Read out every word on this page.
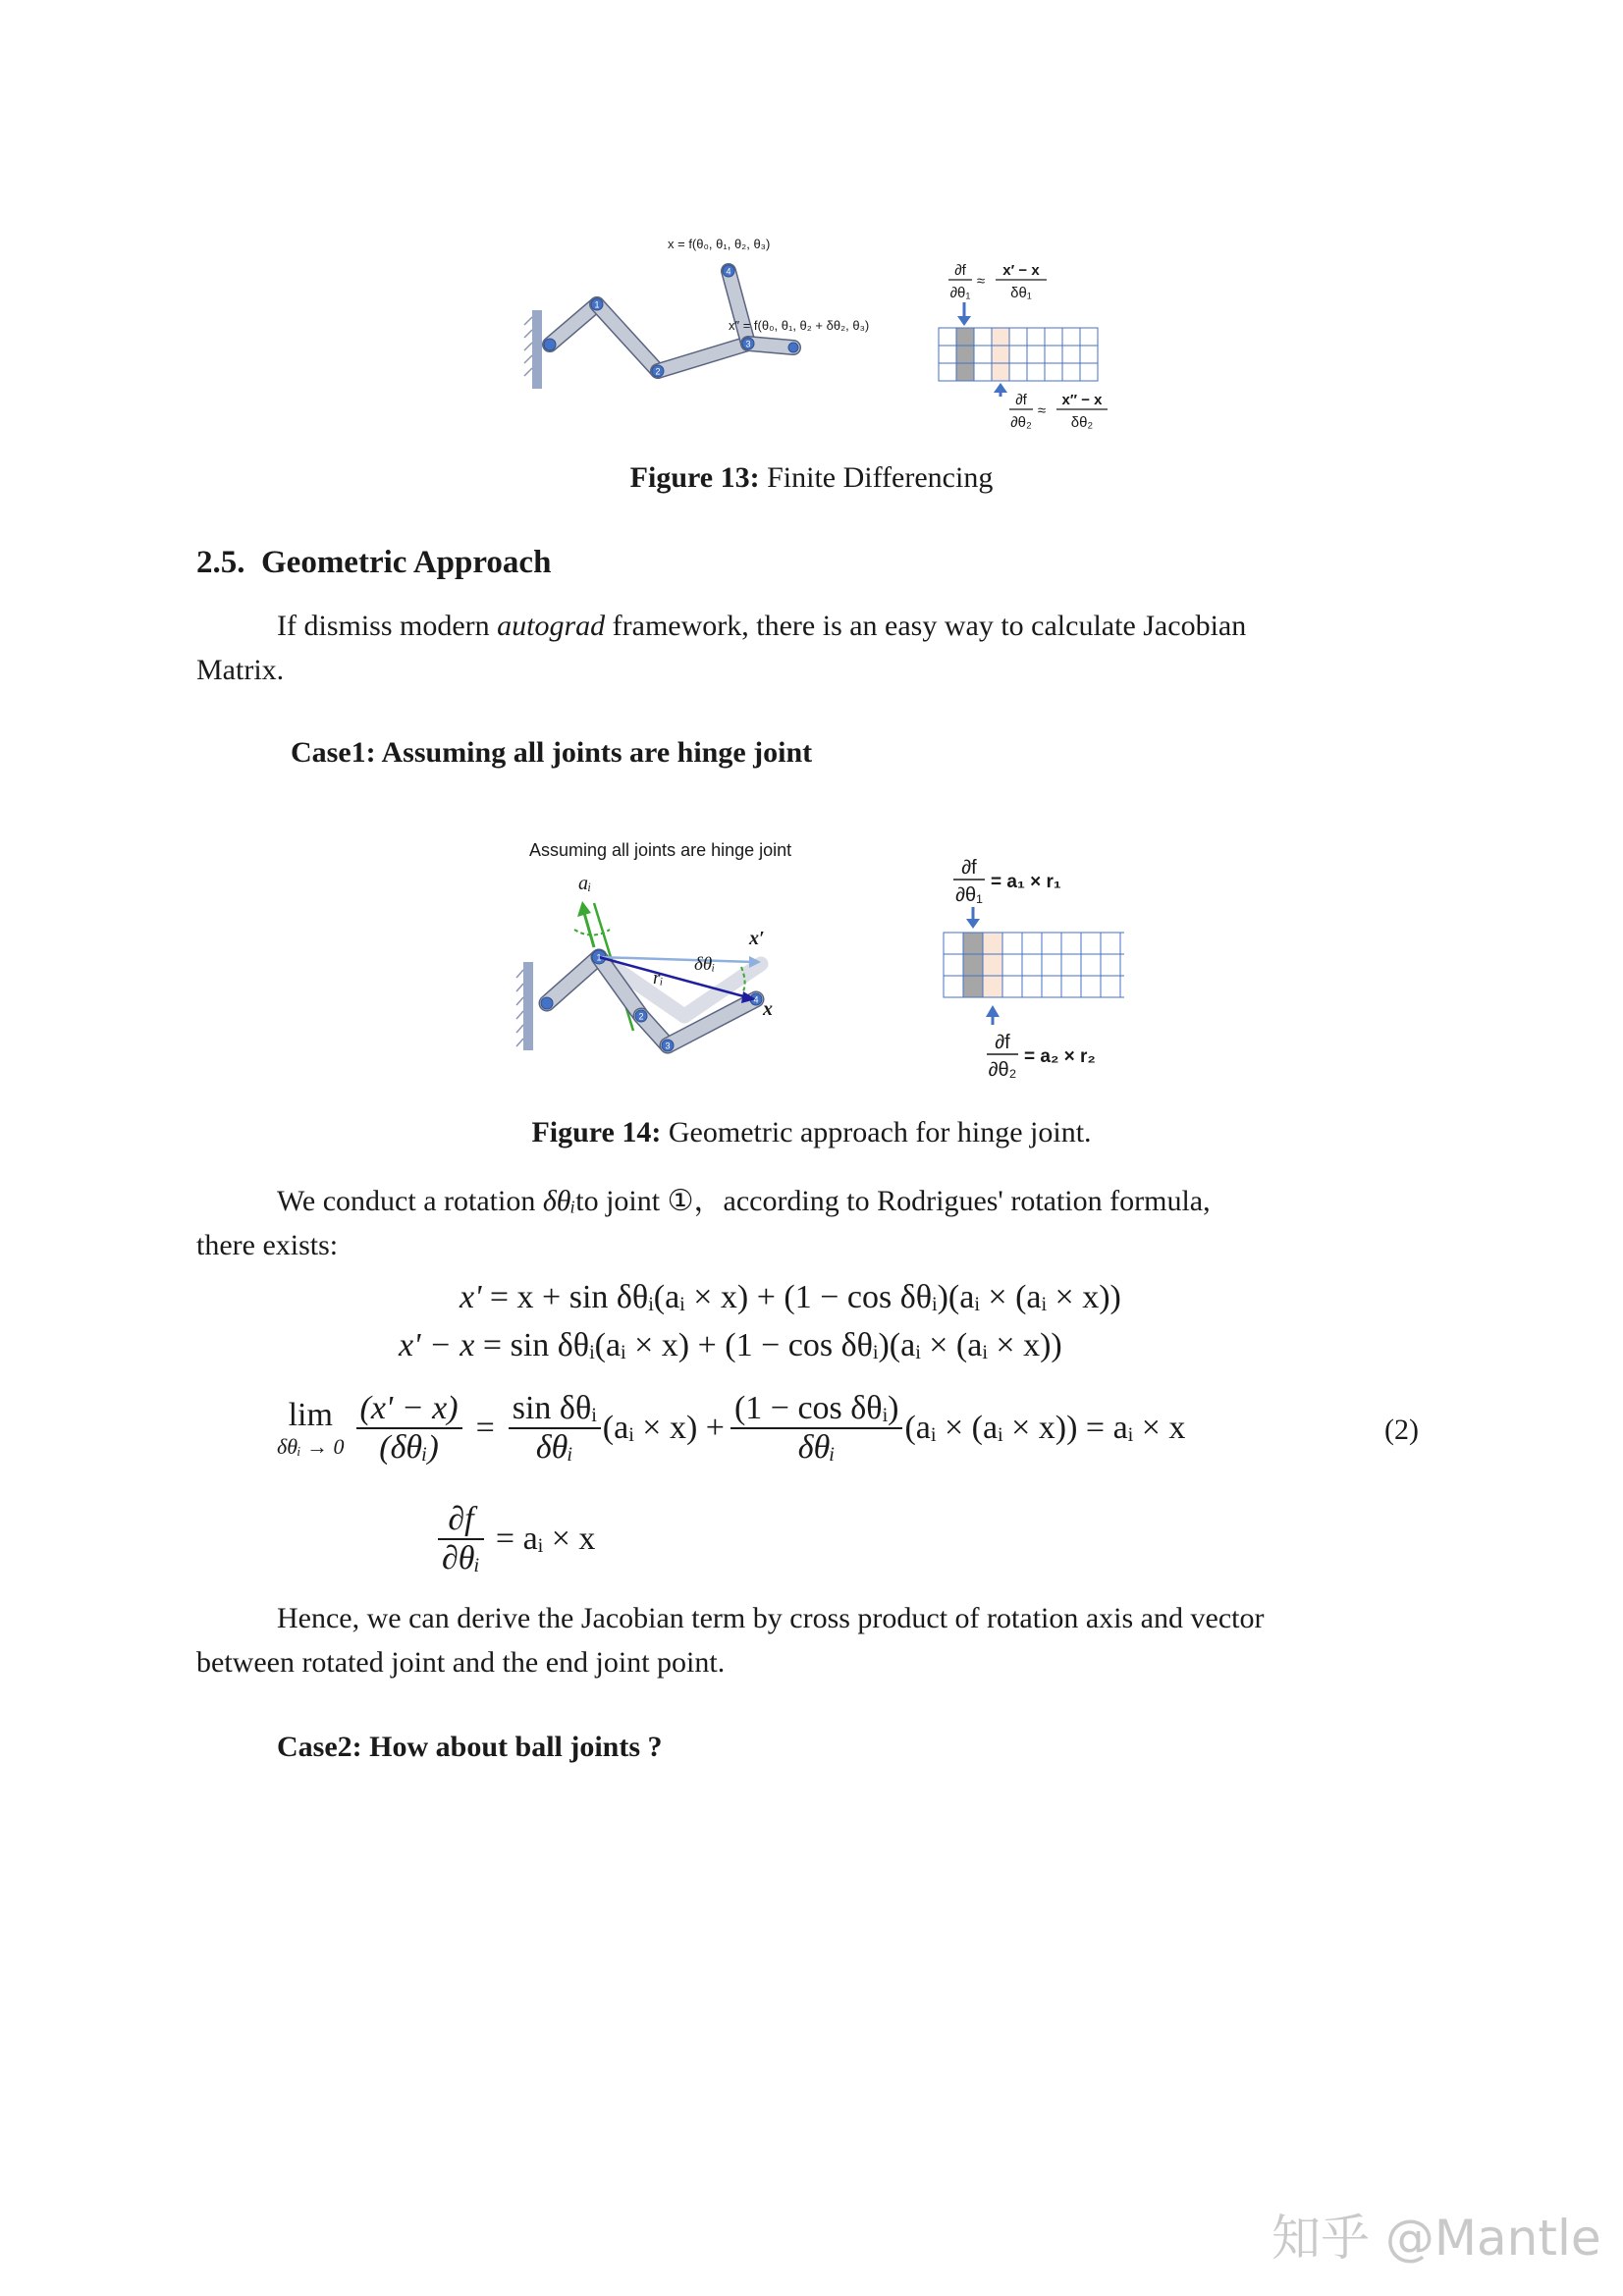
x = f(θ₀, θ₁, θ₂, θ₃)
x″ = f(θ₀, θ₁, θ₂ + δθ₂, θ₃)
∂f
∂θ₁
≈
x′ − x
δθ₁
∂f
∂θ₂
≈
x″ − x
δθ₂
1
2
3
4
Figure 13: Finite Differencing
2.5. Geometric Approach
If dismiss modern autograd framework, there is an easy way to calculate Jacobian
Matrix.
Case1: Assuming all joints are hinge joint
Assuming all joints are hinge joint
aᵢ
x′
δθᵢ
rᵢ
x
∂f
∂θ₁
= a₁ × r₁
∂f
∂θ₂
= a₂ × r₂
1
2
3
4
Figure 14: Geometric approach for hinge joint.
We conduct a rotation δθᵢto joint ①，according to Rodrigues' rotation formula,
there exists:
x' = x + sin δθᵢ(aᵢ × x) + (1 − cos δθᵢ)(aᵢ × (aᵢ × x))
x' − x = sin δθᵢ(aᵢ × x) + (1 − cos δθᵢ)(aᵢ × (aᵢ × x))
lim
δθᵢ → $0 \frac{(x' - x)}{\text{(δθᵢ)}} = \frac{\text{sin δθᵢ}}{\text{δθᵢ}}$ (aᵢ × $x) + \frac{\text{(1 − cos δθᵢ)}}{\text{δθᵢ}}$ (aᵢ × (aᵢ × x)) = aᵢ × x	(2)
$\frac{\partial f}{\text{∂θᵢ}}$ = aᵢ × x
Hence, we can derive the Jacobian term by cross product of rotation axis and vector
between rotated joint and the end joint point.
Case2: How about ball joints ?
知乎 @Mantle
